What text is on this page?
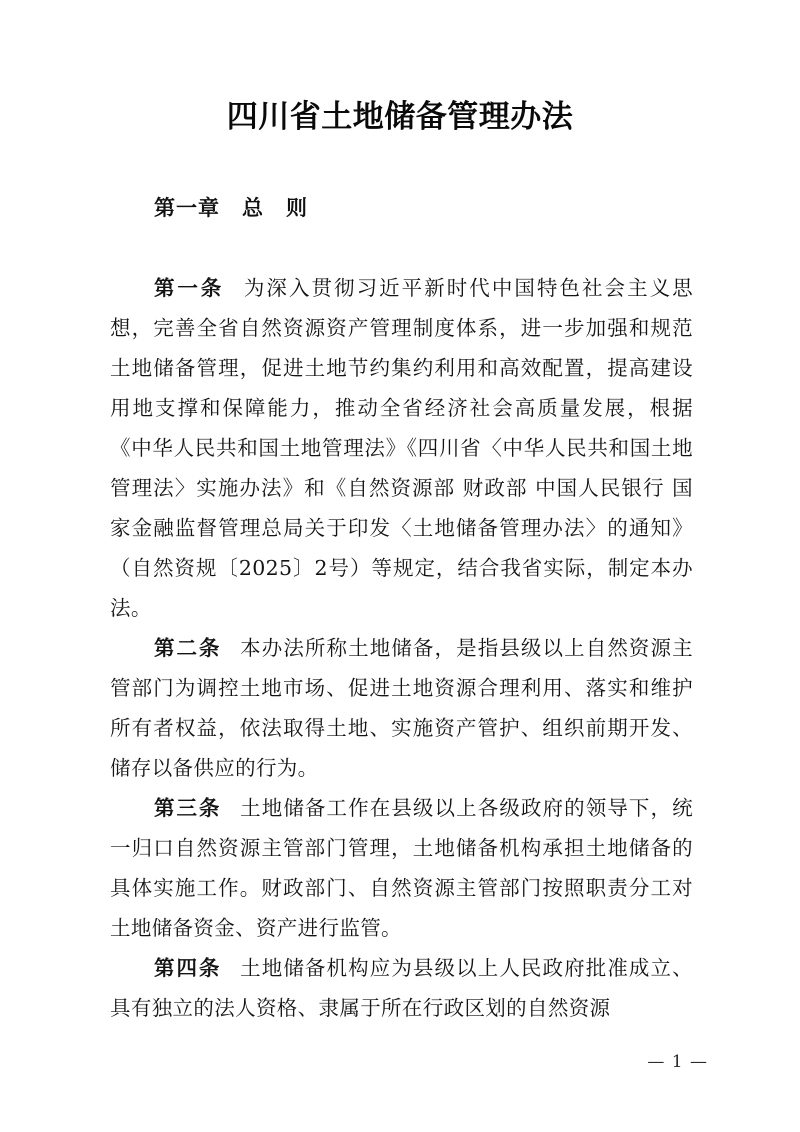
四川省土地储备管理办法
第一章　总　则

第一条 为深入贯彻习近平新时代中国特色社会主义思想，完善全省自然资源资产管理制度体系，进一步加强和规范土地储备管理，促进土地节约集约利用和高效配置，提高建设用地支撑和保障能力，推动全省经济社会高质量发展，根据《中华人民共和国土地管理法》《四川省〈中华人民共和国土地管理法〉实施办法》和《自然资源部 财政部 中国人民银行 国家金融监督管理总局关于印发〈土地储备管理办法〉的通知》（自然资规〔2025〕2号）等规定，结合我省实际，制定本办法。

第二条 本办法所称土地储备，是指县级以上自然资源主管部门为调控土地市场、促进土地资源合理利用、落实和维护所有者权益，依法取得土地、实施资产管护、组织前期开发、储存以备供应的行为。

第三条 土地储备工作在县级以上各级政府的领导下，统一归口自然资源主管部门管理，土地储备机构承担土地储备的具体实施工作。财政部门、自然资源主管部门按照职责分工对土地储备资金、资产进行监管。

第四条 土地储备机构应为县级以上人民政府批准成立、具有独立的法人资格、隶属于所在行政区划的自然资源

— 1 —
